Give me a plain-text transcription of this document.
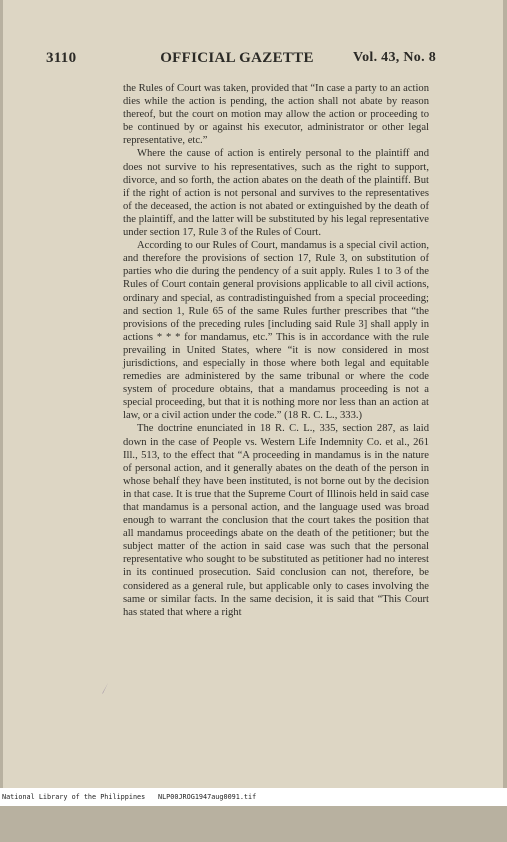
3110	OFFICIAL GAZETTE	Vol. 43, No. 8

the Rules of Court was taken, provided that “In case a party to an action dies while the action is pending, the action shall not abate by reason thereof, but the court on motion may allow the action or proceeding to be continued by or against his executor, administrator or other legal representative, etc.”

Where the cause of action is entirely personal to the plaintiff and does not survive to his representatives, such as the right to support, divorce, and so forth, the action abates on the death of the plaintiff. But if the right of action is not personal and survives to the representatives of the deceased, the action is not abated or extinguished by the death of the plaintiff, and the latter will be substituted by his legal representative under section 17, Rule 3 of the Rules of Court.

According to our Rules of Court, mandamus is a special civil action, and therefore the provisions of section 17, Rule 3, on substitution of parties who die during the pendency of a suit apply. Rules 1 to 3 of the Rules of Court contain general provisions applicable to all civil actions, ordinary and special, as contradistinguished from a special proceeding; and section 1, Rule 65 of the same Rules further prescribes that “the provisions of the preceding rules [including said Rule 3] shall apply in actions * * * for mandamus, etc.” This is in accordance with the rule prevailing in United States, where “it is now considered in most jurisdictions, and especially in those where both legal and equitable remedies are administered by the same tribunal or where the code system of procedure obtains, that a mandamus proceeding is not a special proceeding, but that it is nothing more nor less than an action at law, or a civil action under the code.” (18 R. C. L., 333.)

The doctrine enunciated in 18 R. C. L., 335, section 287, as laid down in the case of People vs. Western Life Indemnity Co. et al., 261 Ill., 513, to the effect that “A proceeding in mandamus is in the nature of personal action, and it generally abates on the death of the person in whose behalf they have been instituted, is not borne out by the decision in that case. It is true that the Supreme Court of Illinois held in said case that mandamus is a personal action, and the language used was broad enough to warrant the conclusion that the court takes the position that all mandamus proceedings abate on the death of the petitioner; but the subject matter of the action in said case was such that the personal representative who sought to be substituted as petitioner had no interest in its continued prosecution. Said conclusion can not, therefore, be considered as a general rule, but applicable only to cases involving the same or similar facts. In the same decision, it is said that “This Court has stated that where a right

National Library of the Philippines

NLP00JROG1947aug0091.tif
